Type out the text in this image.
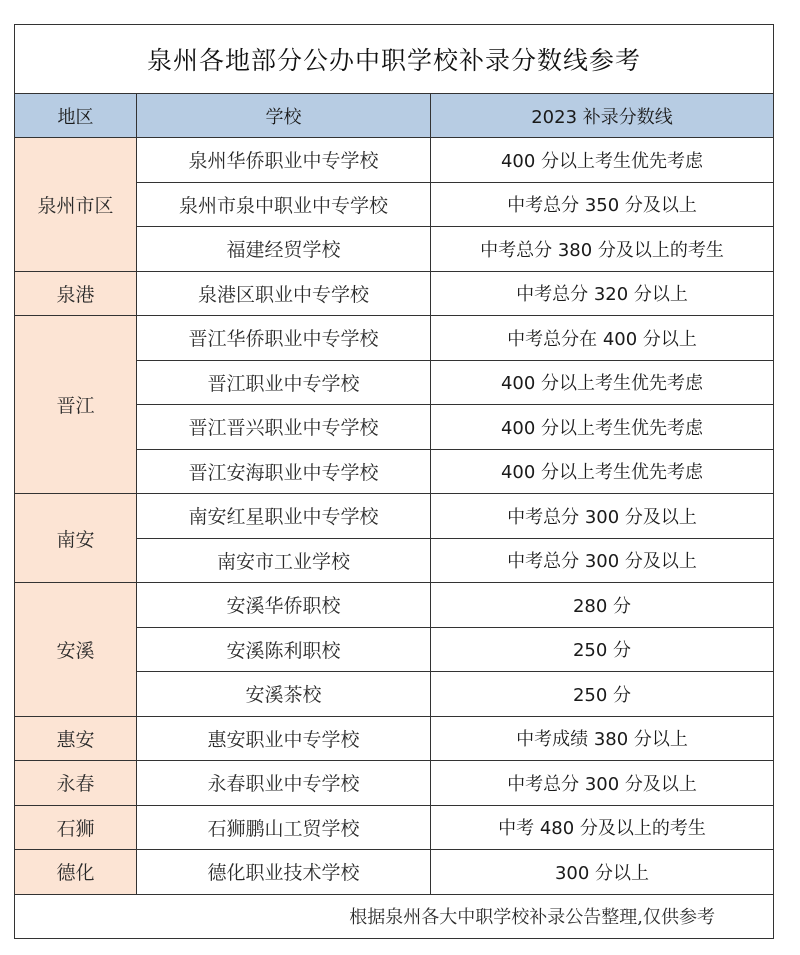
泉州各地部分公办中职学校补录分数线参考		
地区	学校	2023 补录分数线
泉州市区	泉州华侨职业中专学校	400 分以上考生优先考虑
	泉州市泉中职业中专学校	中考总分 350 分及以上
	福建经贸学校	中考总分 380 分及以上的考生
泉港	泉港区职业中专学校	中考总分 320 分以上
晋江	晋江华侨职业中专学校	中考总分在 400 分以上
	晋江职业中专学校	400 分以上考生优先考虑
	晋江晋兴职业中专学校	400 分以上考生优先考虑
	晋江安海职业中专学校	400 分以上考生优先考虑
南安	南安红星职业中专学校	中考总分 300 分及以上
	南安市工业学校	中考总分 300 分及以上
安溪	安溪华侨职校	280 分
	安溪陈利职校	250 分
	安溪茶校	250 分
惠安	惠安职业中专学校	中考成绩 380 分以上
永春	永春职业中专学校	中考总分 300 分及以上
石狮	石狮鹏山工贸学校	中考 480 分及以上的考生
德化	德化职业技术学校	300 分以上
根据泉州各大中职学校补录公告整理,仅供参考		
